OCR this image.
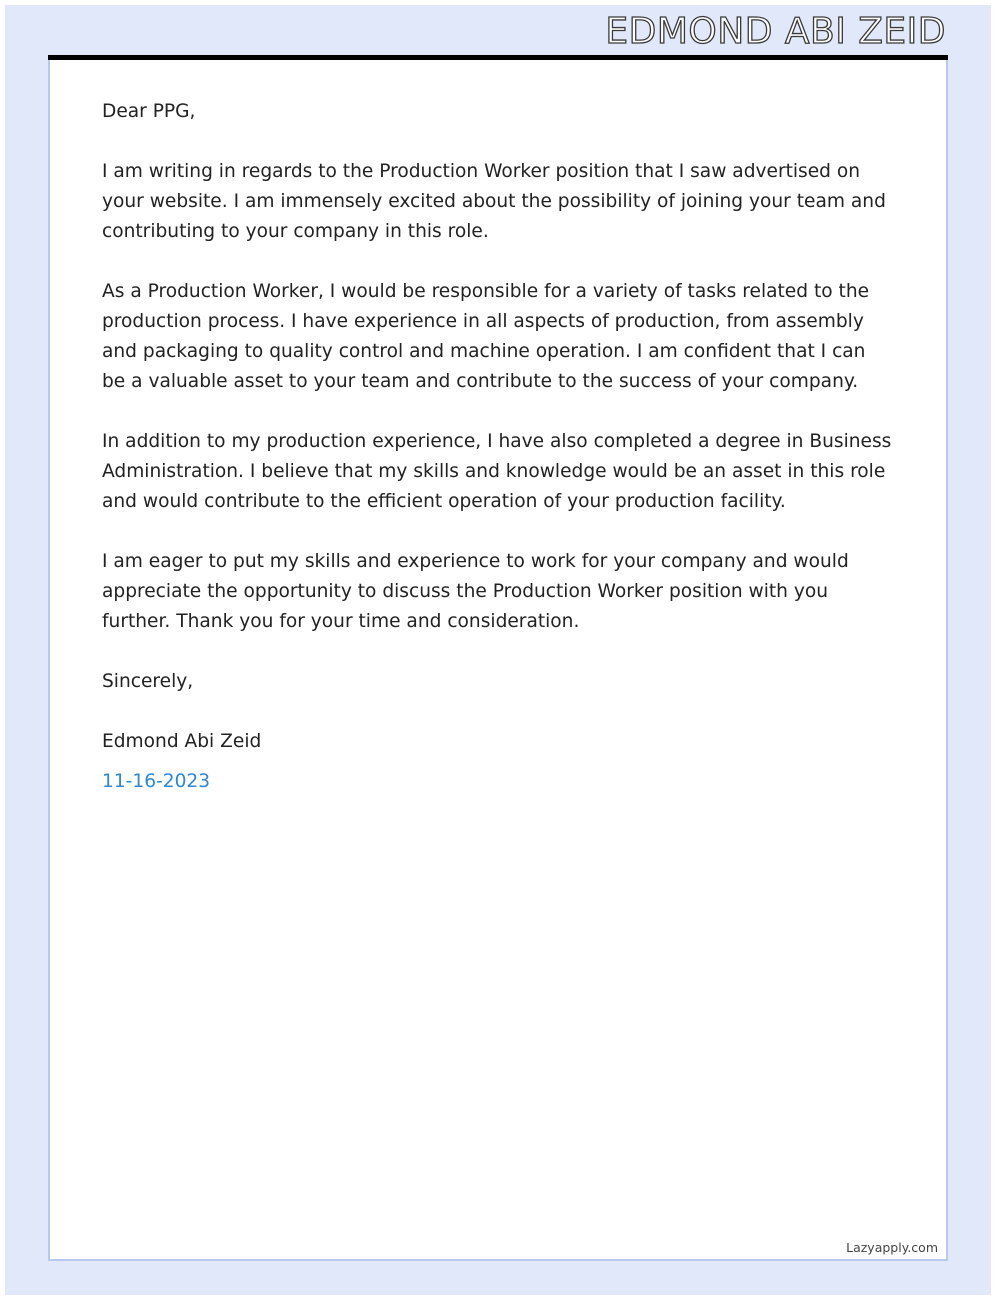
EDMOND ABI ZEID

Dear PPG,

I am writing in regards to the Production Worker position that I saw advertised on your website. I am immensely excited about the possibility of joining your team and contributing to your company in this role.

As a Production Worker, I would be responsible for a variety of tasks related to the production process. I have experience in all aspects of production, from assembly and packaging to quality control and machine operation. I am confident that I can be a valuable asset to your team and contribute to the success of your company.

In addition to my production experience, I have also completed a degree in Business Administration. I believe that my skills and knowledge would be an asset in this role and would contribute to the efficient operation of your production facility.

I am eager to put my skills and experience to work for your company and would appreciate the opportunity to discuss the Production Worker position with you further. Thank you for your time and consideration.

Sincerely,

Edmond Abi Zeid

11-16-2023

Lazyapply.com
